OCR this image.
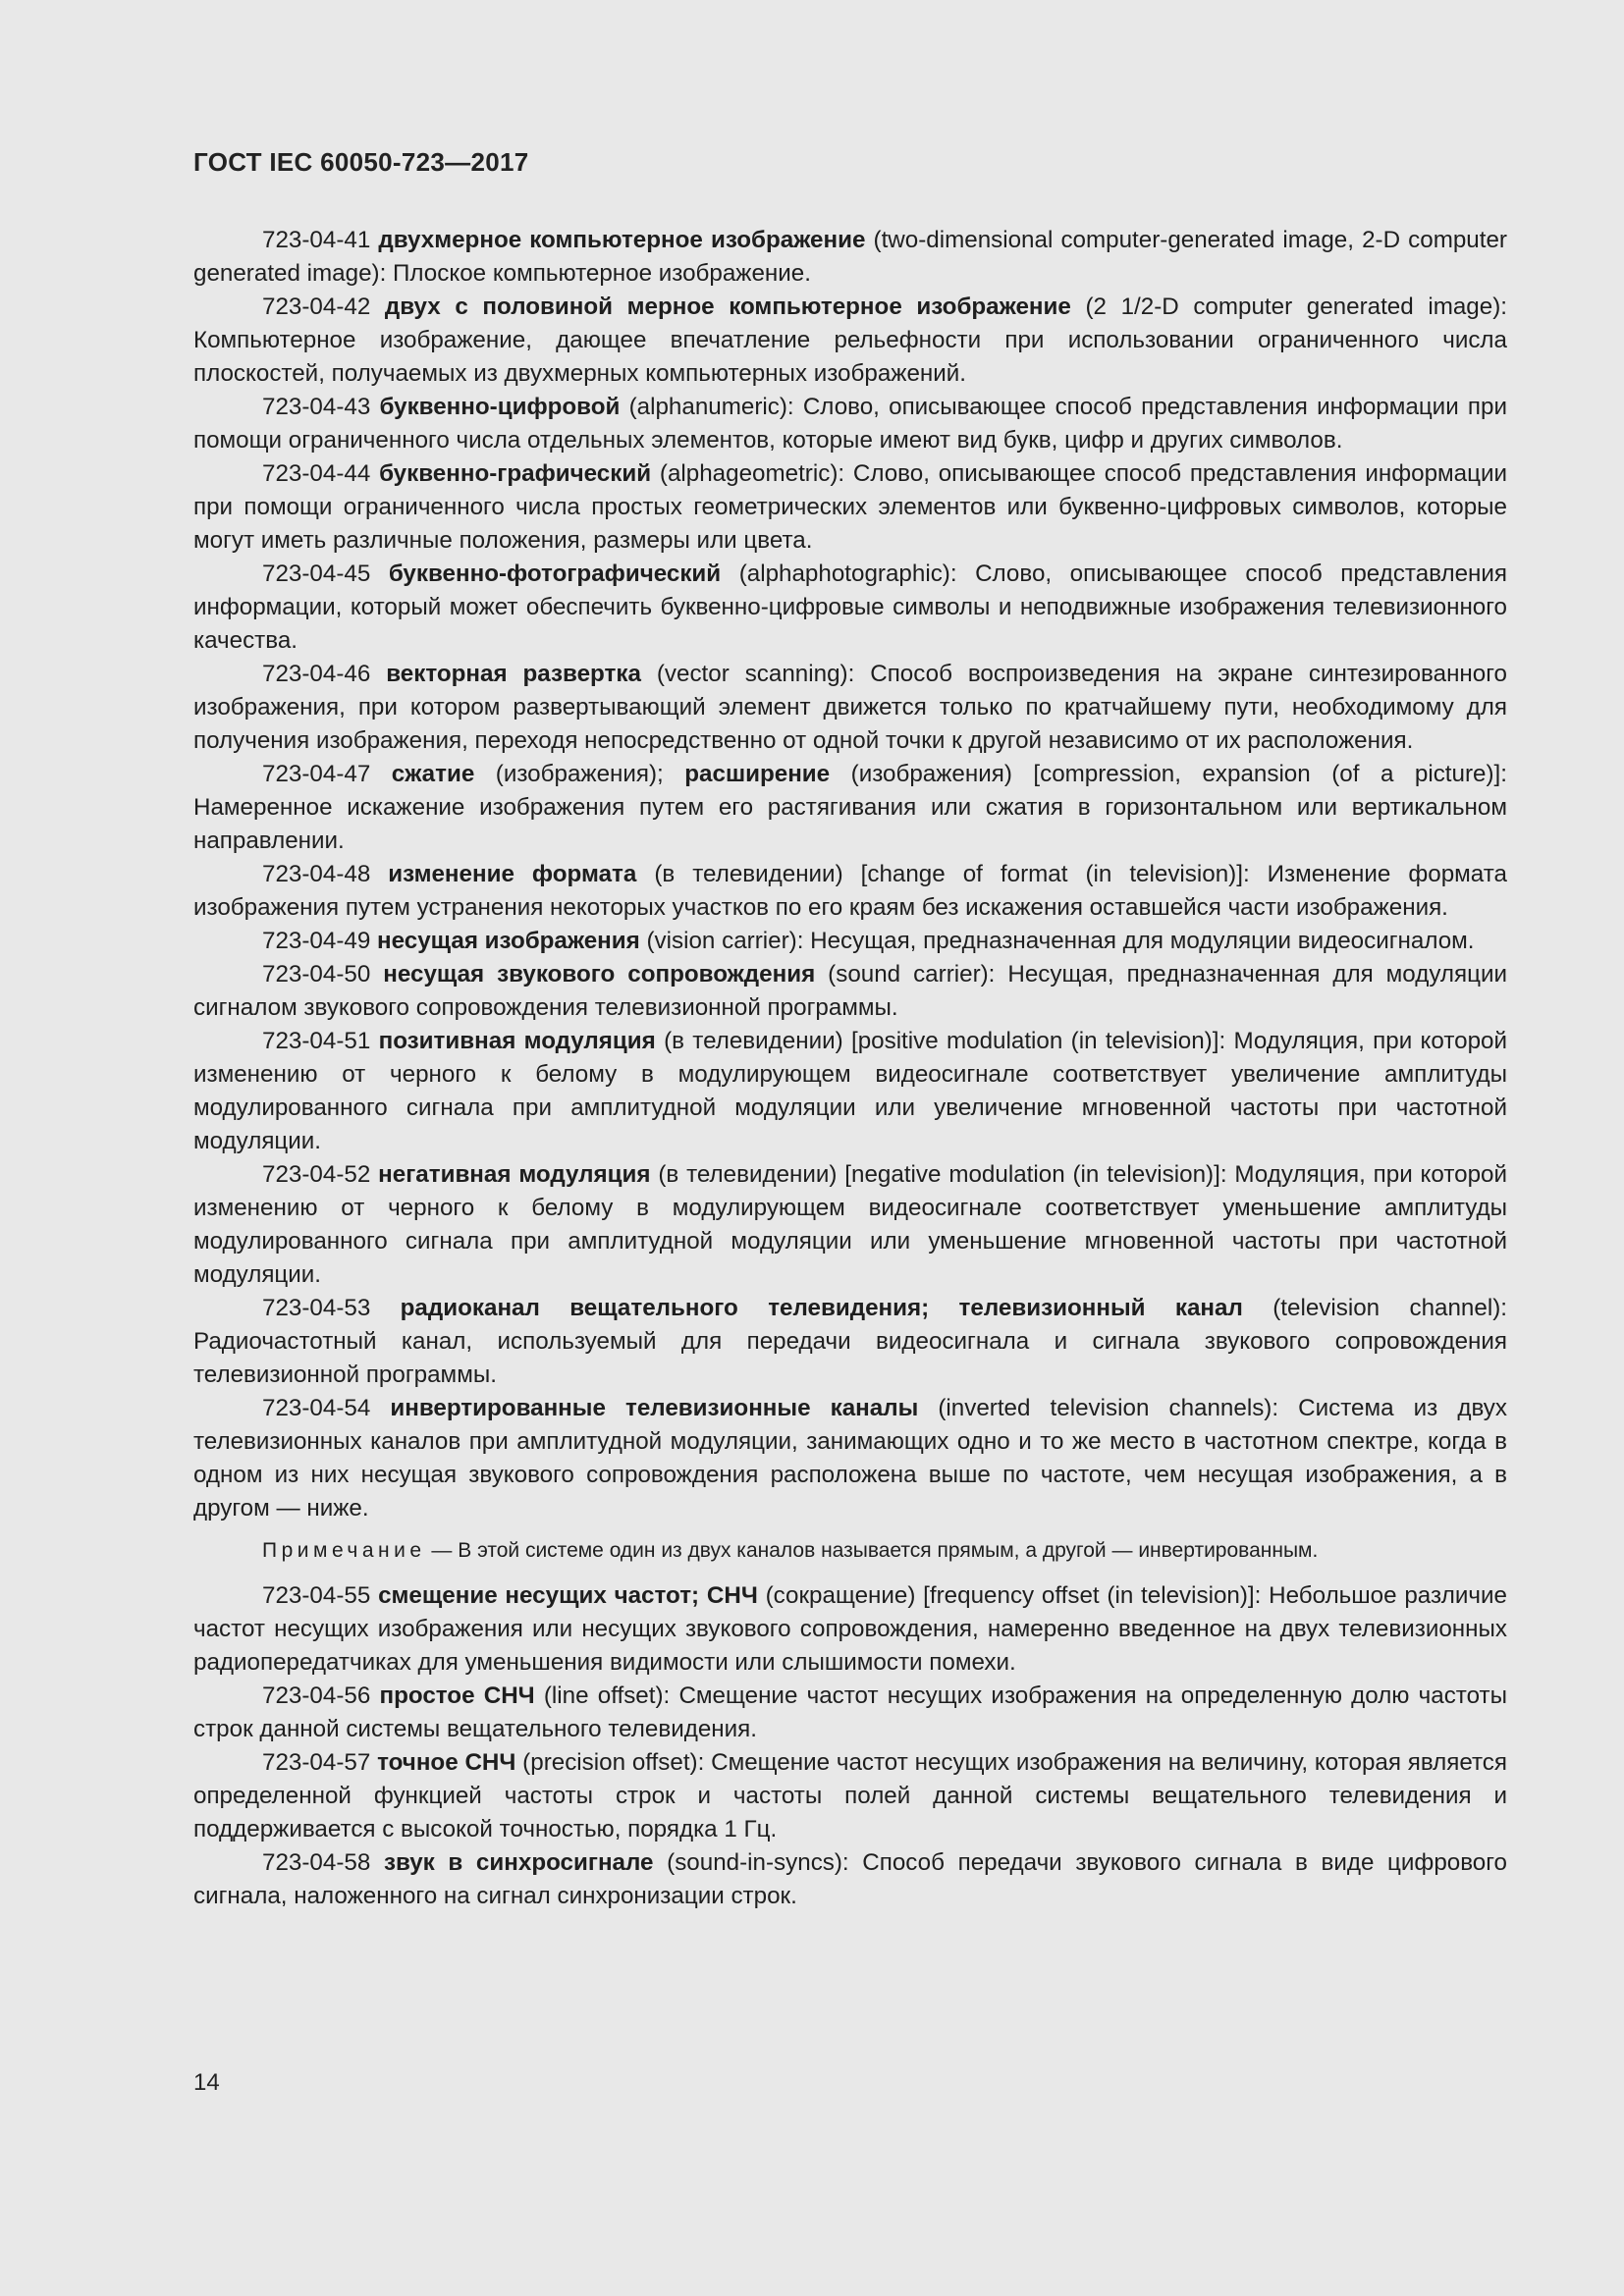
ГОСТ IEC 60050-723—2017

723-04-41 двухмерное компьютерное изображение (two-dimensional computer-generated image, 2-D computer generated image): Плоское компьютерное изображение.

723-04-42 двух с половиной мерное компьютерное изображение (2 1/2-D computer generated image): Компьютерное изображение, дающее впечатление рельефности при использовании ограниченного числа плоскостей, получаемых из двухмерных компьютерных изображений.

723-04-43 буквенно-цифровой (alphanumeric): Слово, описывающее способ представления информации при помощи ограниченного числа отдельных элементов, которые имеют вид букв, цифр и других символов.

723-04-44 буквенно-графический (alphageometric): Слово, описывающее способ представления информации при помощи ограниченного числа простых геометрических элементов или буквенно-цифровых символов, которые могут иметь различные положения, размеры или цвета.

723-04-45 буквенно-фотографический (alphaphotographic): Слово, описывающее способ представления информации, который может обеспечить буквенно-цифровые символы и неподвижные изображения телевизионного качества.

723-04-46 векторная развертка (vector scanning): Способ воспроизведения на экране синтезированного изображения, при котором развертывающий элемент движется только по кратчайшему пути, необходимому для получения изображения, переходя непосредственно от одной точки к другой независимо от их расположения.

723-04-47 сжатие (изображения); расширение (изображения) [compression, expansion (of a picture)]: Намеренное искажение изображения путем его растягивания или сжатия в горизонтальном или вертикальном направлении.

723-04-48 изменение формата (в телевидении) [change of format (in television)]: Изменение формата изображения путем устранения некоторых участков по его краям без искажения оставшейся части изображения.

723-04-49 несущая изображения (vision carrier): Несущая, предназначенная для модуляции видеосигналом.

723-04-50 несущая звукового сопровождения (sound carrier): Несущая, предназначенная для модуляции сигналом звукового сопровождения телевизионной программы.

723-04-51 позитивная модуляция (в телевидении) [positive modulation (in television)]: Модуляция, при которой изменению от черного к белому в модулирующем видеосигнале соответствует увеличение амплитуды модулированного сигнала при амплитудной модуляции или увеличение мгновенной частоты при частотной модуляции.

723-04-52 негативная модуляция (в телевидении) [negative modulation (in television)]: Модуляция, при которой изменению от черного к белому в модулирующем видеосигнале соответствует уменьшение амплитуды модулированного сигнала при амплитудной модуляции или уменьшение мгновенной частоты при частотной модуляции.

723-04-53 радиоканал вещательного телевидения; телевизионный канал (television channel): Радиочастотный канал, используемый для передачи видеосигнала и сигнала звукового сопровождения телевизионной программы.

723-04-54 инвертированные телевизионные каналы (inverted television channels): Система из двух телевизионных каналов при амплитудной модуляции, занимающих одно и то же место в частотном спектре, когда в одном из них несущая звукового сопровождения расположена выше по частоте, чем несущая изображения, а в другом — ниже.

Примечание — В этой системе один из двух каналов называется прямым, а другой — инвертированным.

723-04-55 смещение несущих частот; СНЧ (сокращение) [frequency offset (in television)]: Небольшое различие частот несущих изображения или несущих звукового сопровождения, намеренно введенное на двух телевизионных радиопередатчиках для уменьшения видимости или слышимости помехи.

723-04-56 простое СНЧ (line offset): Смещение частот несущих изображения на определенную долю частоты строк данной системы вещательного телевидения.

723-04-57 точное СНЧ (precision offset): Смещение частот несущих изображения на величину, которая является определенной функцией частоты строк и частоты полей данной системы вещательного телевидения и поддерживается с высокой точностью, порядка 1 Гц.

723-04-58 звук в синхросигнале (sound-in-syncs): Способ передачи звукового сигнала в виде цифрового сигнала, наложенного на сигнал синхронизации строк.

14
